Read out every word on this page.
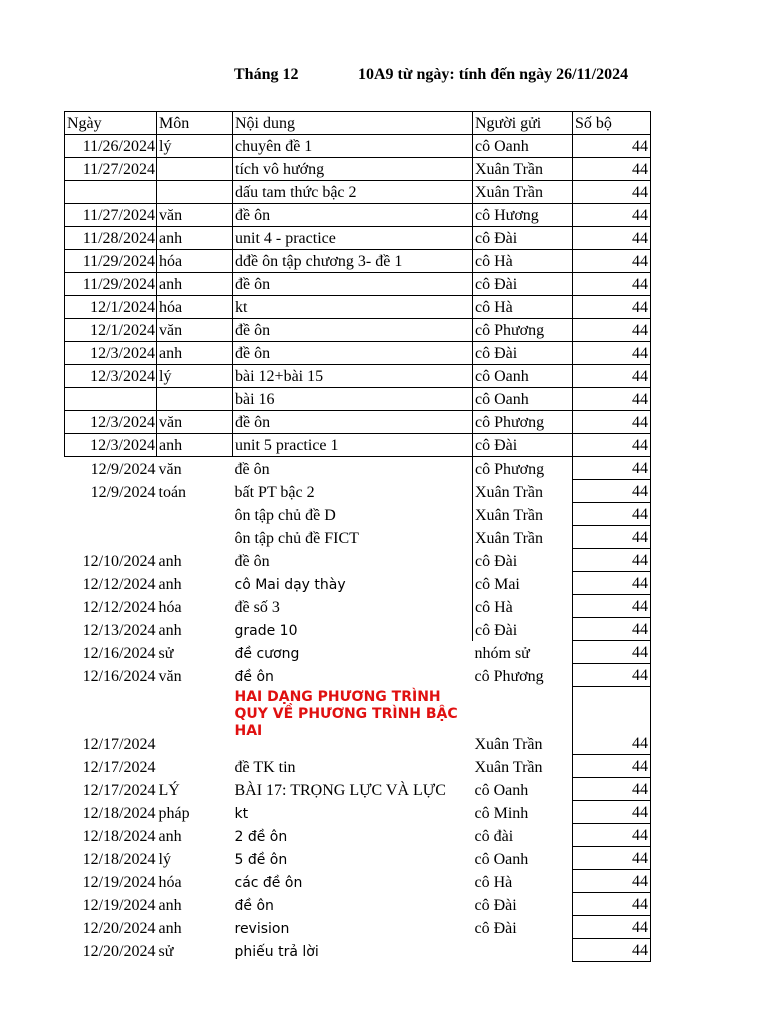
Tháng 12	10A9 từ ngày: tính đến ngày 26/11/2024
Ngày	Môn	Nội dung	Người gửi	Số bộ
11/26/2024	lý	chuyên đề 1	cô Oanh	44
11/27/2024		tích vô hướng	Xuân Trần	44
		dấu tam thức bậc 2	Xuân Trần	44
11/27/2024	văn	đề ôn	cô Hương	44
11/28/2024	anh	unit 4 - practice	cô Đài	44
11/29/2024	hóa	dđề ôn tập chương 3- đề 1	cô Hà	44
11/29/2024	anh	đề ôn	cô Đài	44
12/1/2024	hóa	kt	cô Hà	44
12/1/2024	văn	đề ôn	cô Phương	44
12/3/2024	anh	đề ôn	cô Đài	44
12/3/2024	lý	bài 12+bài 15	cô Oanh	44
		bài 16	cô Oanh	44
12/3/2024	văn	đề ôn	cô Phương	44
12/3/2024	anh	unit 5 practice 1	cô Đài	44
12/9/2024	văn	đề ôn	cô Phương	44
12/9/2024	toán	bất PT bậc 2	Xuân Trần	44
		ôn tập chủ đề D	Xuân Trần	44
		ôn tập chủ đề FICT	Xuân Trần	44
12/10/2024	anh	đề ôn	cô Đài	44
12/12/2024	anh	cô Mai dạy thày	cô Mai	44
12/12/2024	hóa	đề số 3	cô Hà	44
12/13/2024	anh	grade 10	cô Đài	44
12/16/2024	sử	đề cương	nhóm sử	44
12/16/2024	văn	đề ôn	cô Phương	44
12/17/2024		HAI DẠNG PHƯƠNG TRÌNH QUY VỀ PHƯƠNG TRÌNH BẬC HAI	Xuân Trần	44
12/17/2024		đề TK tin	Xuân Trần	44
12/17/2024	LÝ	BÀI 17: TRỌNG LỰC VÀ LỰC	cô Oanh	44
12/18/2024	pháp	kt	cô Minh	44
12/18/2024	anh	2 đề ôn	cô đài	44
12/18/2024	lý	5 đề ôn	cô Oanh	44
12/19/2024	hóa	các đề ôn	cô Hà	44
12/19/2024	anh	đề ôn	cô Đài	44
12/20/2024	anh	revision	cô Đài	44
12/20/2024	sử	phiếu trả lời		44
